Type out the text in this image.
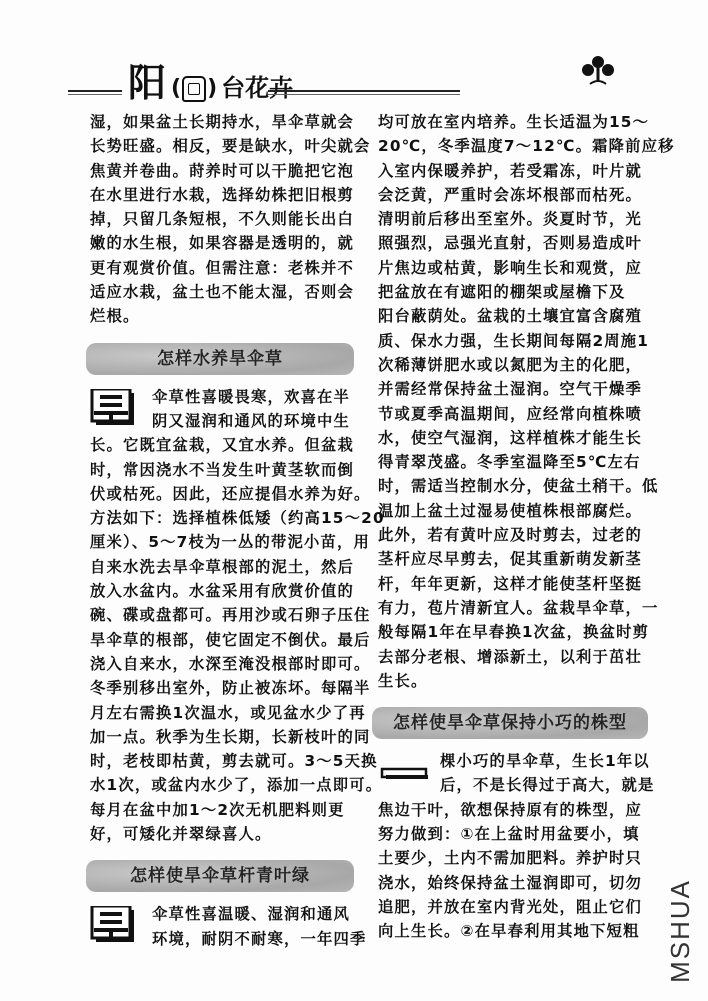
阳 ( ) 台花卉

湿，如果盆土长期持水，旱伞草就会
长势旺盛。相反，要是缺水，叶尖就会
焦黄并卷曲。莳养时可以干脆把它泡
在水里进行水栽，选择幼株把旧根剪
掉，只留几条短根，不久则能长出白
嫩的水生根，如果容器是透明的，就
更有观赏价值。但需注意：老株并不
适应水栽，盆土也不能太湿，否则会
烂根。

怎样水养旱伞草
伞草性喜暖畏寒，欢喜在半
阴又湿润和通风的环境中生
长。它既宜盆栽，又宜水养。但盆栽
时，常因浇水不当发生叶黄茎软而倒
伏或枯死。因此，还应提倡水养为好。
方法如下：选择植株低矮（约高15～20
厘米）、5～7枝为一丛的带泥小苗，用
自来水洗去旱伞草根部的泥土，然后
放入水盆内。水盆采用有欣赏价值的
碗、碟或盘都可。再用沙或石卵子压住
旱伞草的根部，使它固定不倒伏。最后
浇入自来水，水深至淹没根部时即可。
冬季别移出室外，防止被冻坏。每隔半
月左右需换1次温水，或见盆水少了再
加一点。秋季为生长期，长新枝叶的同
时，老枝即枯黄，剪去就可。3～5天换
水1次，或盆内水少了，添加一点即可。
每月在盆中加1～2次无机肥料则更
好，可矮化并翠绿喜人。
怎样使旱伞草杆青叶绿
伞草性喜温暖、湿润和通风
环境，耐阴不耐寒，一年四季

均可放在室内培养。生长适温为15～
20℃，冬季温度7～12℃。霜降前应移
入室内保暖养护，若受霜冻，叶片就
会泛黄，严重时会冻坏根部而枯死。
清明前后移出至室外。炎夏时节，光
照强烈，忌强光直射，否则易造成叶
片焦边或枯黄，影响生长和观赏，应
把盆放在有遮阳的棚架或屋檐下及
阳台蔽荫处。盆栽的土壤宜富含腐殖
质、保水力强，生长期间每隔2周施1
次稀薄饼肥水或以氮肥为主的化肥，
并需经常保持盆土湿润。空气干燥季
节或夏季高温期间，应经常向植株喷
水，使空气湿润，这样植株才能生长
得青翠茂盛。冬季室温降至5℃左右
时，需适当控制水分，使盆土稍干。低
温加上盆土过湿易使植株根部腐烂。
此外，若有黄叶应及时剪去，过老的
茎杆应尽早剪去，促其重新萌发新茎
杆，年年更新，这样才能使茎杆坚挺
有力，苞片清新宜人。盆栽旱伞草，一
般每隔1年在早春换1次盆，换盆时剪
去部分老根、增添新土，以利于茁壮
生长。

怎样使旱伞草保持小巧的株型
棵小巧的旱伞草，生长1年以
后，不是长得过于高大，就是
焦边干叶，欲想保持原有的株型，应
努力做到：①在上盆时用盆要小，填
土要少，土内不需加肥料。养护时只
浇水，始终保持盆土湿润即可，切勿
追肥，并放在室内背光处，阻止它们
向上生长。②在早春利用其地下短粗 MSHUA
